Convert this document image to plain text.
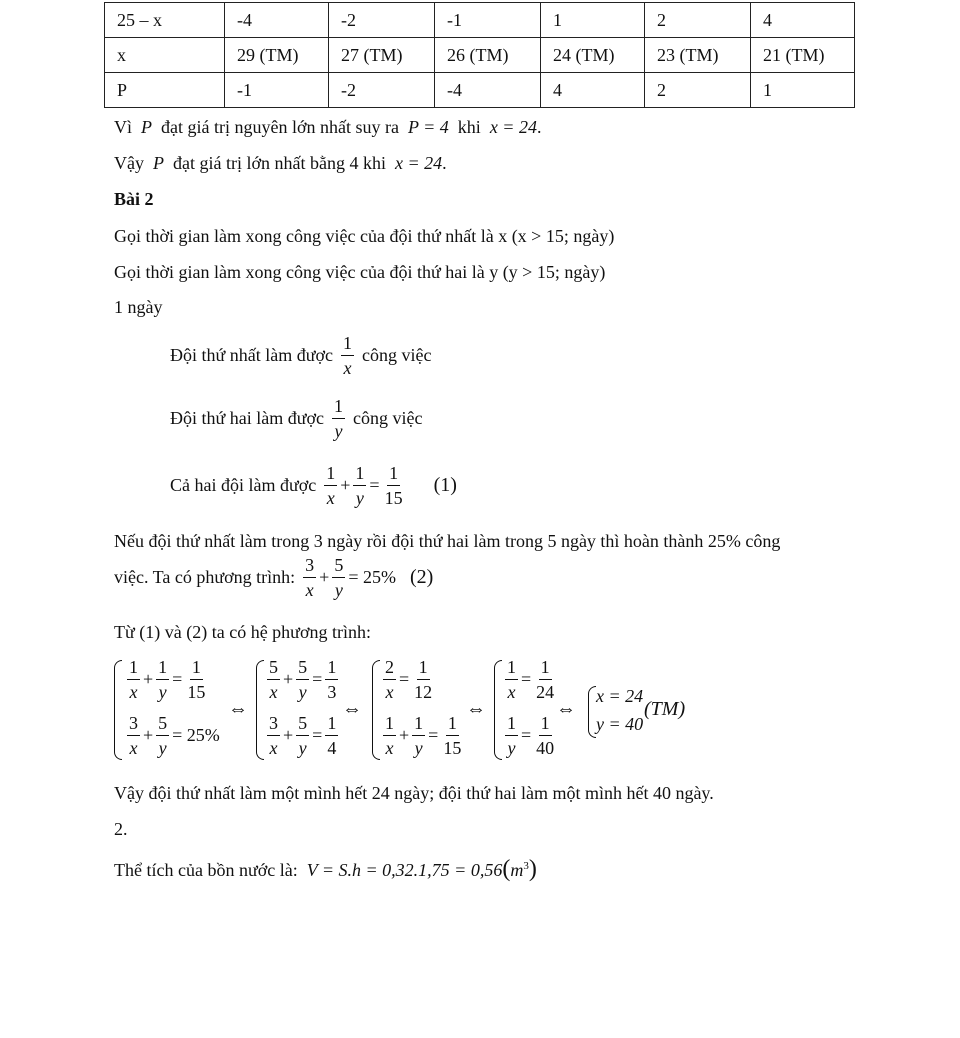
25 – x	-4	-2	-1	1	2	4
x	29 (TM)	27 (TM)	26 (TM)	24 (TM)	23 (TM)	21 (TM)
P	-1	-2	-4	4	2	1

Vì P đạt giá trị nguyên lớn nhất suy ra P = 4 khi x = 24.

Vậy P đạt giá trị lớn nhất bằng 4 khi x = 24.

Bài 2

Gọi thời gian làm xong công việc của đội thứ nhất là x (x > 15; ngày)

Gọi thời gian làm xong công việc của đội thứ hai là y (y > 15; ngày)

1 ngày

Đội thứ nhất làm được $\frac{1}{x}$ công việc
Đội thứ hai làm được $\frac{1}{y}$ công việc
Cả hai đội làm được $\frac{1}{x} + \frac{1}{y} = \frac{1}{15} (1)$

Nếu đội thứ nhất làm trong 3 ngày rồi đội thứ hai làm trong 5 ngày thì hoàn thành 25% công

việc. Ta có phương trình: $\frac{3}{x} + \frac{5}{y} = 25\%$ (2)

Từ (1) và (2) ta có hệ phương trình:

$\frac{1}{x} + \frac{1}{y} = \frac{1}{15}$
$\frac{3}{x} + \frac{5}{y} = 25\%$
⇔
$\frac{5}{x} + \frac{5}{y} = \frac{1}{3}$
$\frac{3}{x} + \frac{5}{y} = \frac{1}{4}$
⇔
$\frac{2}{x} = \frac{1}{12}$
$\frac{1}{x} + \frac{1}{y} = \frac{1}{15}$
⇔
$\frac{1}{x} = \frac{1}{24}$
$\frac{1}{y} = \frac{1}{40}$
⇔
x = 24
y = 40
(TM)

Vậy đội thứ nhất làm một mình hết 24 ngày; đội thứ hai làm một mình hết 40 ngày.

2.

Thể tích của bồn nước là: $V = S.h = 0,32.1,75 = 0,56(m^3)$
